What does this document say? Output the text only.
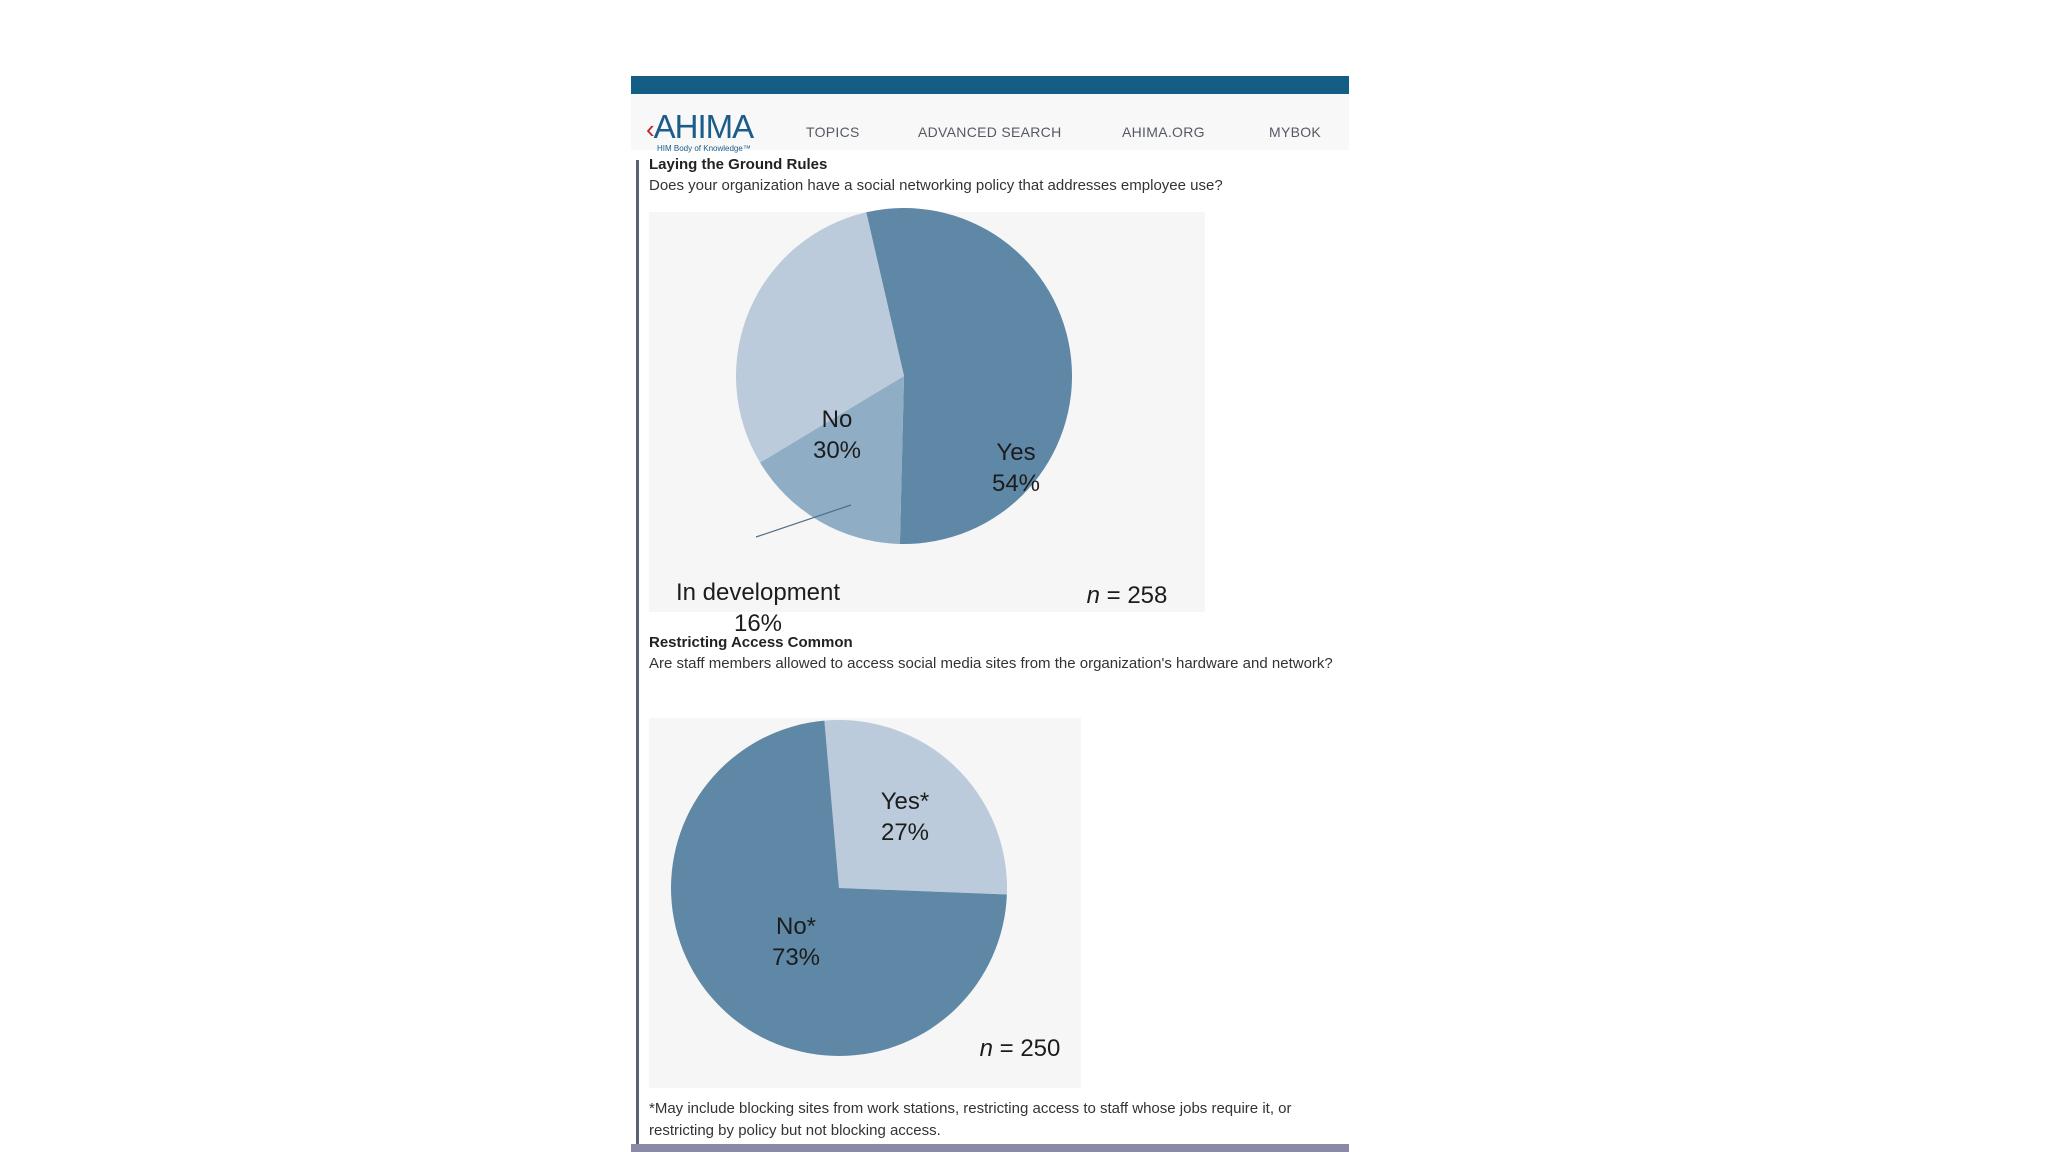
‹AHIMA
HIM Body of Knowledge™
TOPICS	ADVANCED SEARCH	AHIMA.ORG	MYBOK
Laying the Ground Rules
Does your organization have a social networking policy that addresses employee use?
No
30%	Yes
54%
In development
16%
n = 258
Restricting Access Common
Are staff members allowed to access social media sites from the organization's hardware and network?
Yes*
27%
No*
73%
n = 250
*May include blocking sites from work stations, restricting access to staff whose jobs require it, or restricting by policy but not blocking access.
